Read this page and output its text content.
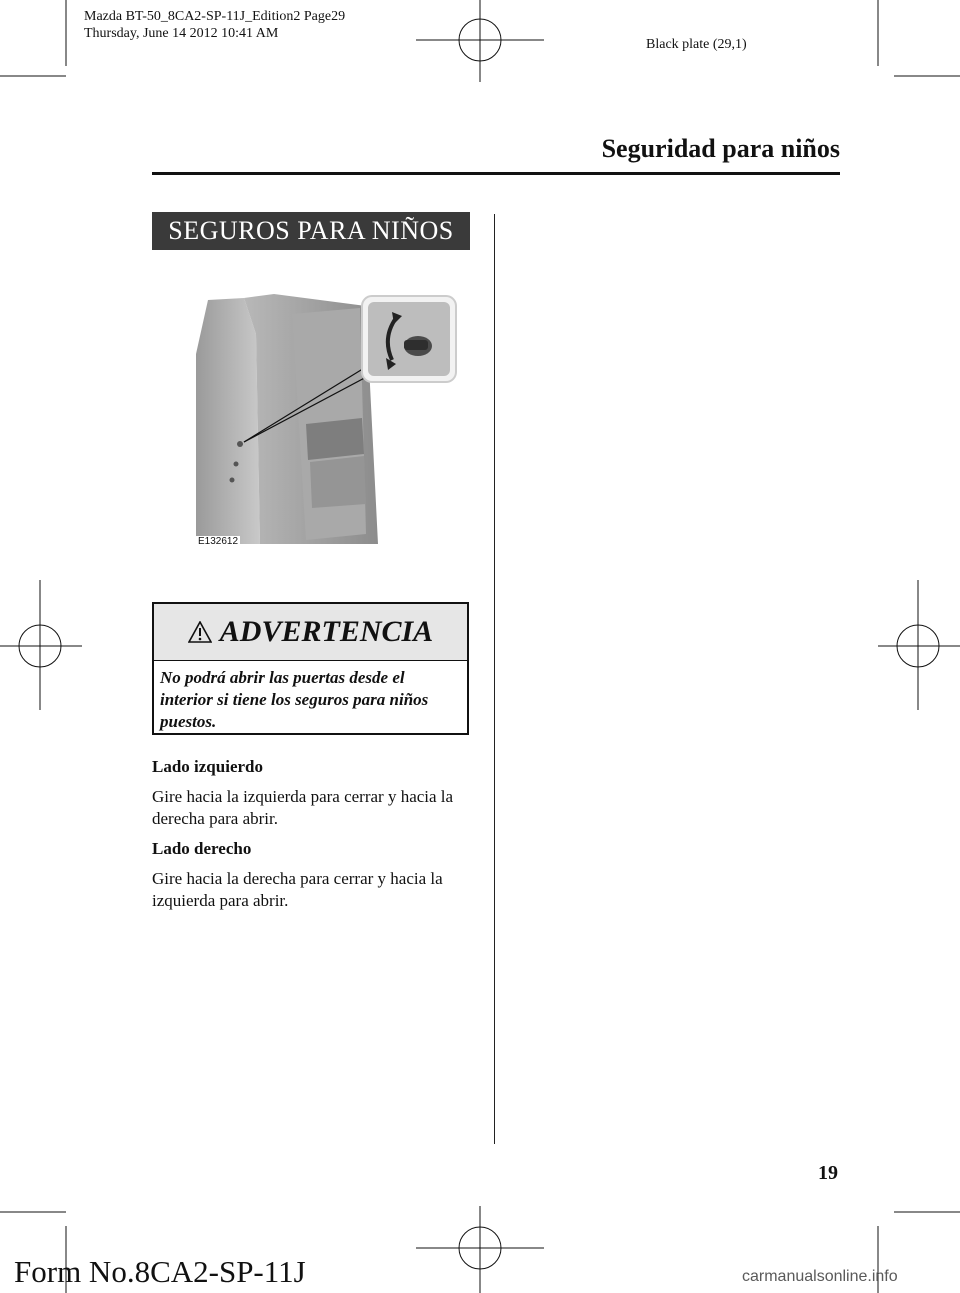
Mazda BT-50_8CA2-SP-11J_Edition2 Page29
Thursday, June 14 2012 10:41 AM
Black plate (29,1)
Seguridad para niños
SEGUROS PARA NIÑOS
E132612
ADVERTENCIA
No podrá abrir las puertas desde el interior si tiene los seguros para niños puestos.
Lado izquierdo
Gire hacia la izquierda para cerrar y hacia la derecha para abrir.
Lado derecho
Gire hacia la derecha para cerrar y hacia la izquierda para abrir.
19
Form No.8CA2-SP-11J	carmanualsonline.info
